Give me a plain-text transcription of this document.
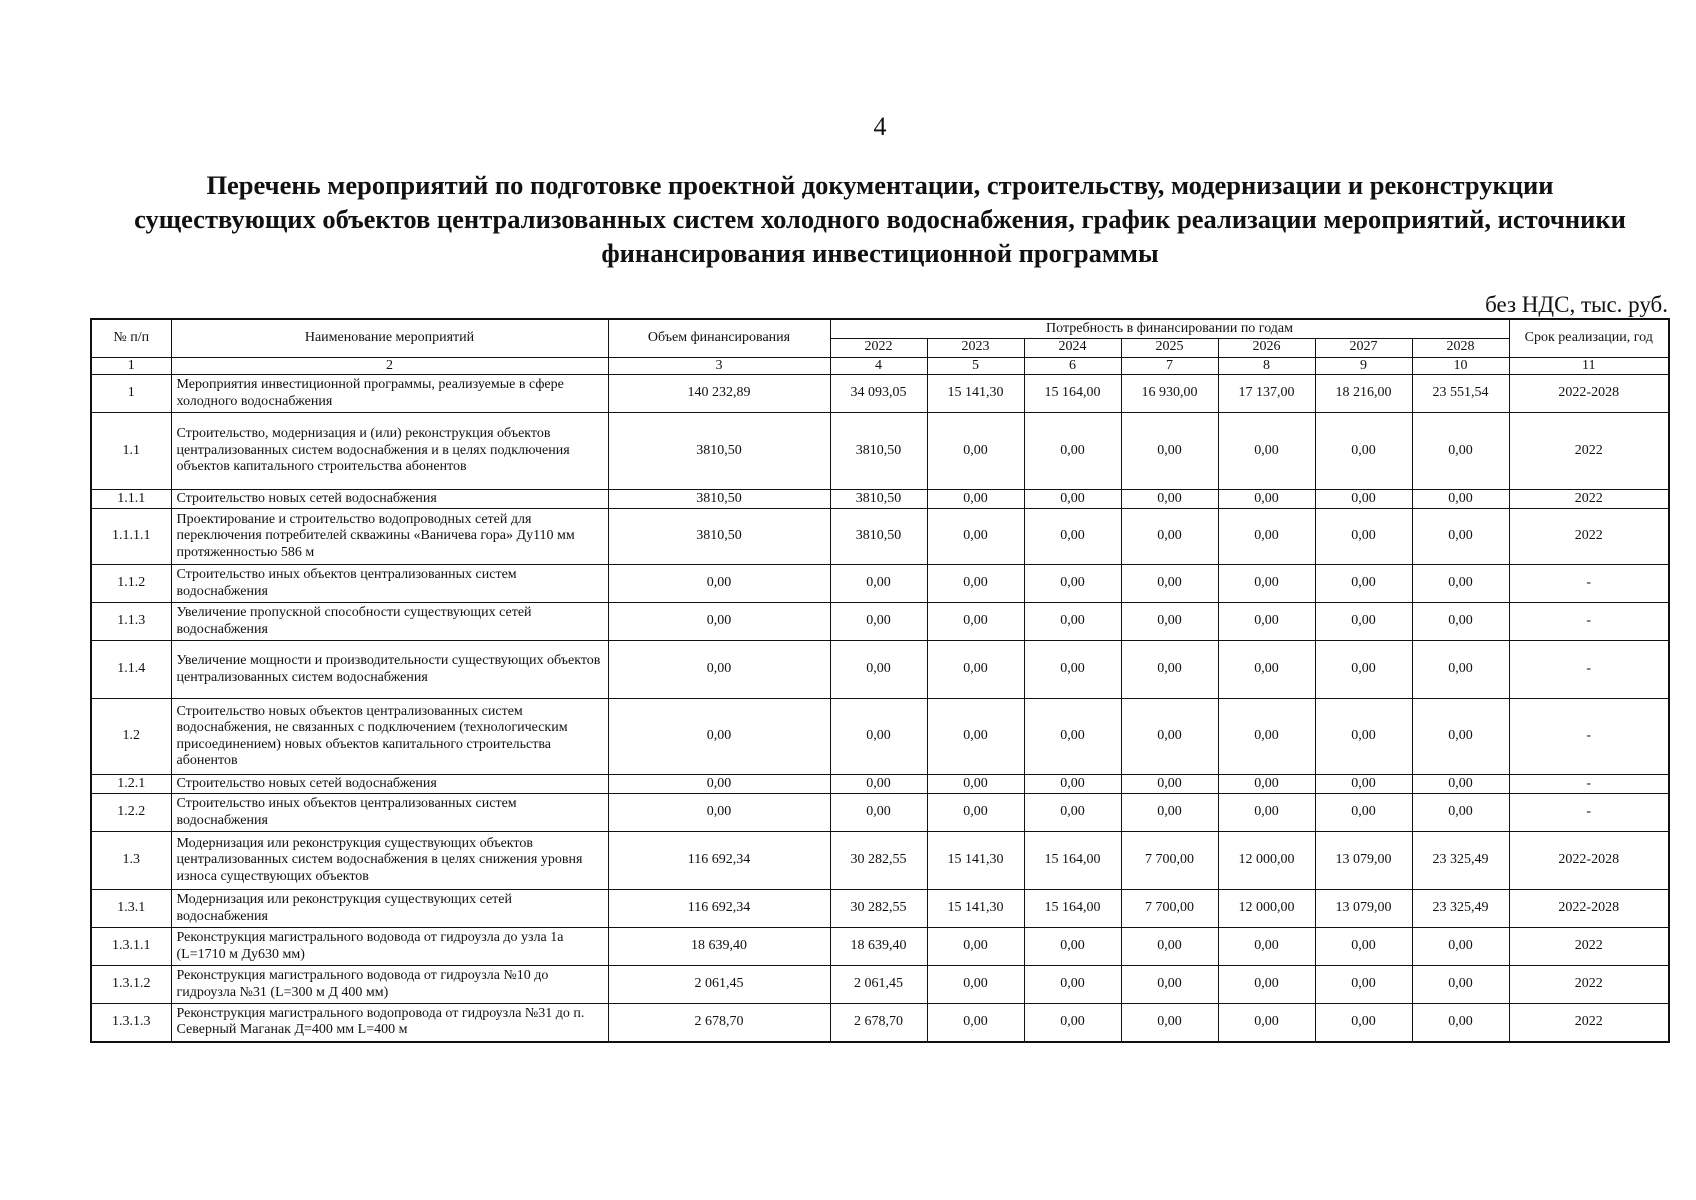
4
Перечень мероприятий по подготовке проектной документации, строительству, модернизации и реконструкции существующих объектов централизованных систем холодного водоснабжения, график реализации мероприятий, источники финансирования инвестиционной программы
без НДС, тыс. руб.
№ п/п	Наименование мероприятий	Объем финансирования	Потребность в финансировании по годам							Срок реализации, год
			2022	2023	2024	2025	2026	2027	2028	
1	2	3	4	5	6	7	8	9	10	11
1	Мероприятия инвестиционной программы, реализуемые в сфере холодного водоснабжения	140 232,89	34 093,05	15 141,30	15 164,00	16 930,00	17 137,00	18 216,00	23 551,54	2022-2028
1.1	Строительство, модернизация и (или) реконструкция объектов централизованных систем водоснабжения и в целях подключения объектов капитального строительства абонентов	3810,50	3810,50	0,00	0,00	0,00	0,00	0,00	0,00	2022
1.1.1	Строительство новых сетей водоснабжения	3810,50	3810,50	0,00	0,00	0,00	0,00	0,00	0,00	2022
1.1.1.1	Проектирование и строительство водопроводных сетей для переключения потребителей скважины «Ваничева гора» Ду110 мм протяженностью 586 м	3810,50	3810,50	0,00	0,00	0,00	0,00	0,00	0,00	2022
1.1.2	Строительство иных объектов централизованных систем водоснабжения	0,00	0,00	0,00	0,00	0,00	0,00	0,00	0,00	-
1.1.3	Увеличение пропускной способности существующих сетей водоснабжения	0,00	0,00	0,00	0,00	0,00	0,00	0,00	0,00	-
1.1.4	Увеличение мощности и производительности существующих объектов централизованных систем водоснабжения	0,00	0,00	0,00	0,00	0,00	0,00	0,00	0,00	-
1.2	Строительство новых объектов централизованных систем водоснабжения, не связанных с подключением (технологическим присоединением) новых объектов капитального строительства абонентов	0,00	0,00	0,00	0,00	0,00	0,00	0,00	0,00	-
1.2.1	Строительство новых сетей водоснабжения	0,00	0,00	0,00	0,00	0,00	0,00	0,00	0,00	-
1.2.2	Строительство иных объектов централизованных систем водоснабжения	0,00	0,00	0,00	0,00	0,00	0,00	0,00	0,00	-
1.3	Модернизация или реконструкция существующих объектов централизованных систем водоснабжения в целях снижения уровня износа существующих объектов	116 692,34	30 282,55	15 141,30	15 164,00	7 700,00	12 000,00	13 079,00	23 325,49	2022-2028
1.3.1	Модернизация или реконструкция существующих сетей водоснабжения	116 692,34	30 282,55	15 141,30	15 164,00	7 700,00	12 000,00	13 079,00	23 325,49	2022-2028
1.3.1.1	Реконструкция магистрального водовода от гидроузла до узла 1а (L=1710 м Ду630 мм)	18 639,40	18 639,40	0,00	0,00	0,00	0,00	0,00	0,00	2022
1.3.1.2	Реконструкция магистрального водовода от гидроузла №10 до гидроузла №31 (L=300 м Д 400 мм)	2 061,45	2 061,45	0,00	0,00	0,00	0,00	0,00	0,00	2022
1.3.1.3	Реконструкция магистрального водопровода от гидроузла №31 до п. Северный Маганак Д=400 мм L=400 м	2 678,70	2 678,70	0,00	0,00	0,00	0,00	0,00	0,00	2022
